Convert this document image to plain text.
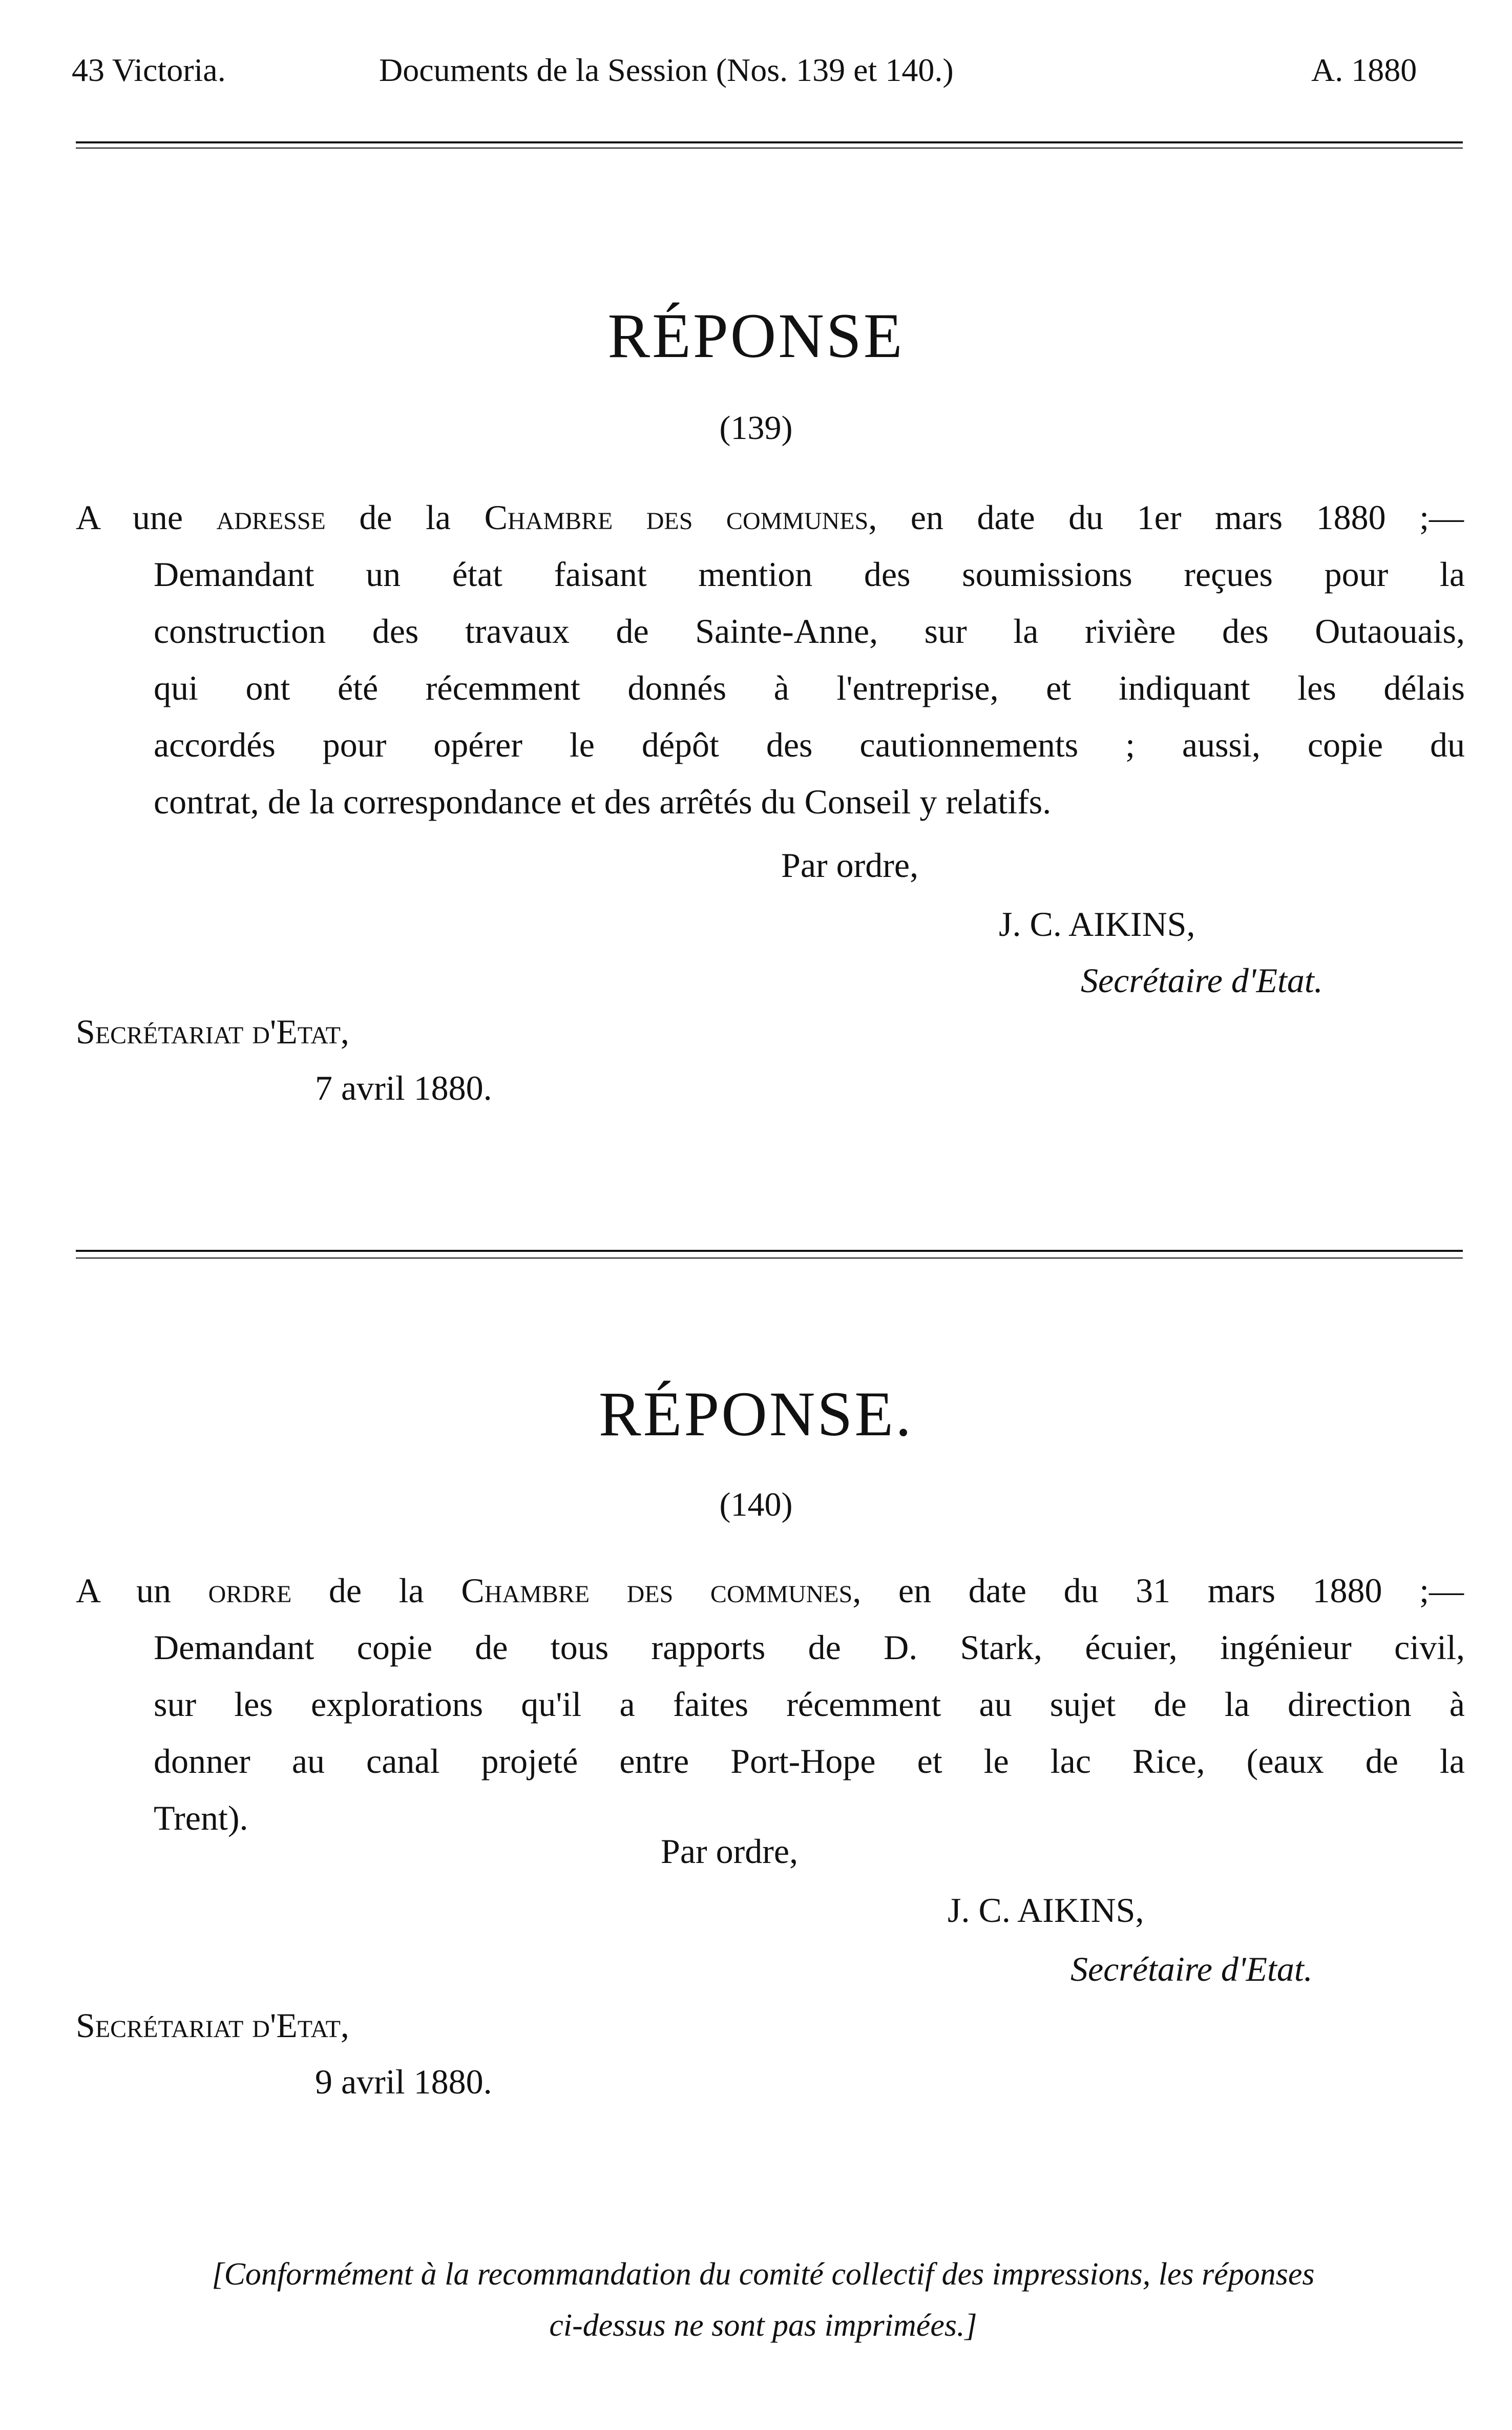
43 Victoria.	Documents de la Session (Nos. 139 et 140.)	A. 1880
RÉPONSE
(139)
A une adresse de la Chambre des communes, en date du 1er mars 1880 ;—
Demandant un état faisant mention des soumissions reçues pour la
construction des travaux de Sainte-Anne, sur la rivière des Outaouais,
qui ont été récemment donnés à l'entreprise, et indiquant les délais
accordés pour opérer le dépôt des cautionnements ; aussi, copie du
contrat, de la correspondance et des arrêtés du Conseil y relatifs.
Par ordre,
J. C. AIKINS,
Secrétaire d'Etat.
Secrétariat d'Etat,
7 avril 1880.
RÉPONSE.
(140)
A un ordre de la Chambre des communes, en date du 31 mars 1880 ;—
Demandant copie de tous rapports de D. Stark, écuier, ingénieur civil,
sur les explorations qu'il a faites récemment au sujet de la direction à
donner au canal projeté entre Port-Hope et le lac Rice, (eaux de la
Trent).
Par ordre,
J. C. AIKINS,
Secrétaire d'Etat.
Secrétariat d'Etat,
9 avril 1880.
[Conformément à la recommandation du comité collectif des impressions, les réponses
ci-dessus ne sont pas imprimées.]
